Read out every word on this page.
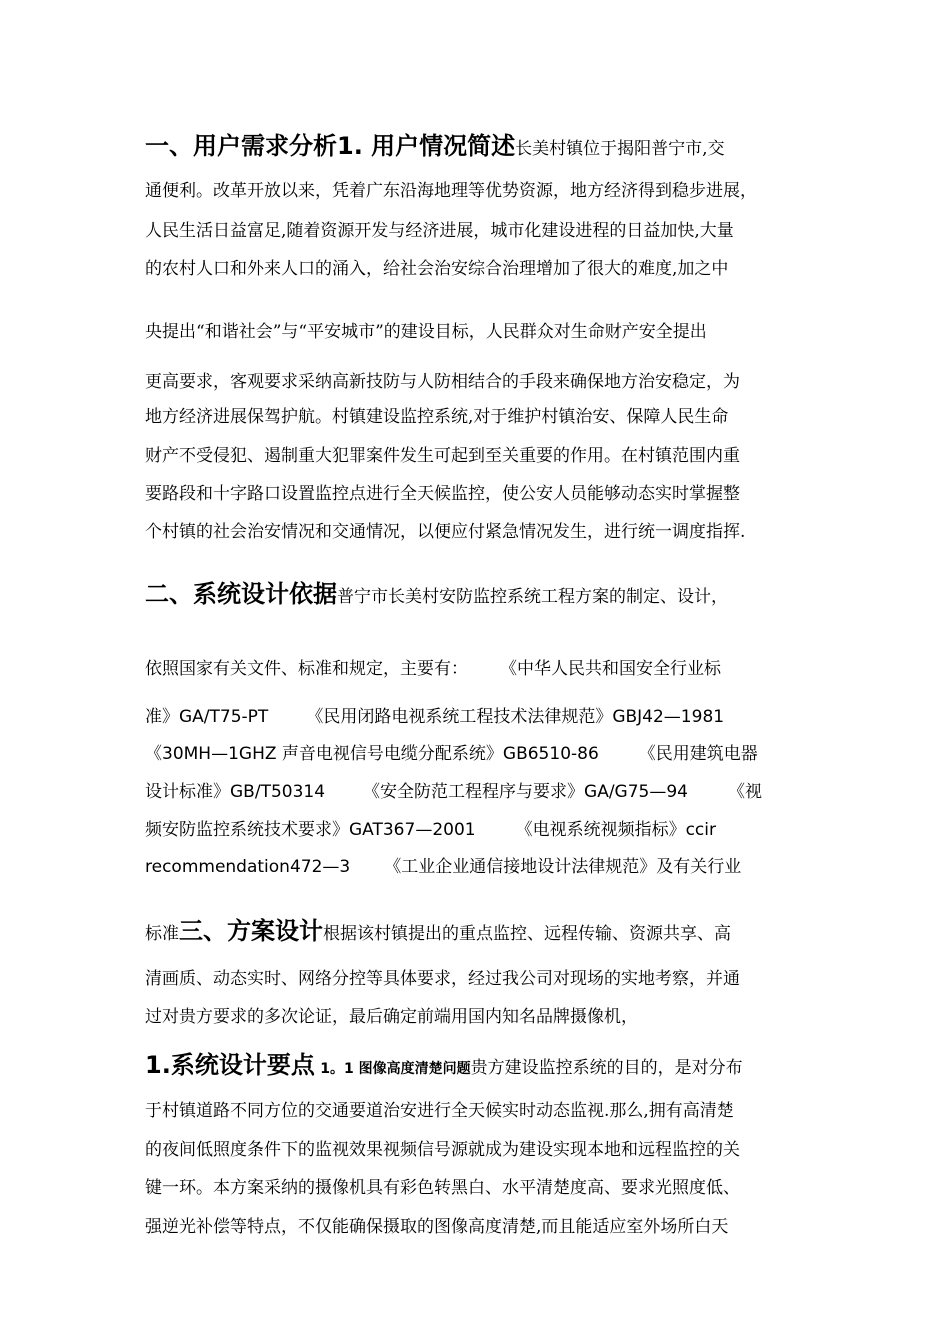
一、用户需求分析1. 用户情况简述长美村镇位于揭阳普宁市,交
通便利。改革开放以来，凭着广东沿海地理等优势资源，地方经济得到稳步进展，
人民生活日益富足,随着资源开发与经济进展，城市化建设进程的日益加快,大量
的农村人口和外来人口的涌入，给社会治安综合治理增加了很大的难度,加之中
央提出“和谐社会”与“平安城市”的建设目标，人民群众对生命财产安全提出
更高要求，客观要求采纳高新技防与人防相结合的手段来确保地方治安稳定，为
地方经济进展保驾护航。村镇建设监控系统,对于维护村镇治安、保障人民生命
财产不受侵犯、遏制重大犯罪案件发生可起到至关重要的作用。在村镇范围内重
要路段和十字路口设置监控点进行全天候监控，使公安人员能够动态实时掌握整
个村镇的社会治安情况和交通情况，以便应付紧急情况发生，进行统一调度指挥.
二、系统设计依据普宁市长美村安防监控系统工程方案的制定、设计，
依照国家有关文件、标准和规定，主要有： 《中华人民共和国安全行业标
准》GA/T75-PT 《民用闭路电视系统工程技术法律规范》GBJ42—1981
《30MH—1GHZ 声音电视信号电缆分配系统》GB6510-86 《民用建筑电器
设计标准》GB/T50314 《安全防范工程程序与要求》GA/G75—94 《视
频安防监控系统技术要求》GAT367—2001 《电视系统视频指标》ccir
recommendation472—3 《工业企业通信接地设计法律规范》及有关行业
标准三、方案设计根据该村镇提出的重点监控、远程传输、资源共享、高
清画质、动态实时、网络分控等具体要求，经过我公司对现场的实地考察，并通
过对贵方要求的多次论证，最后确定前端用国内知名品牌摄像机，
1.系统设计要点 1。1 图像高度清楚问题贵方建设监控系统的目的，是对分布
于村镇道路不同方位的交通要道治安进行全天候实时动态监视.那么,拥有高清楚
的夜间低照度条件下的监视效果视频信号源就成为建设实现本地和远程监控的关
键一环。本方案采纳的摄像机具有彩色转黑白、水平清楚度高、要求光照度低、
强逆光补偿等特点，不仅能确保摄取的图像高度清楚,而且能适应室外场所白天
